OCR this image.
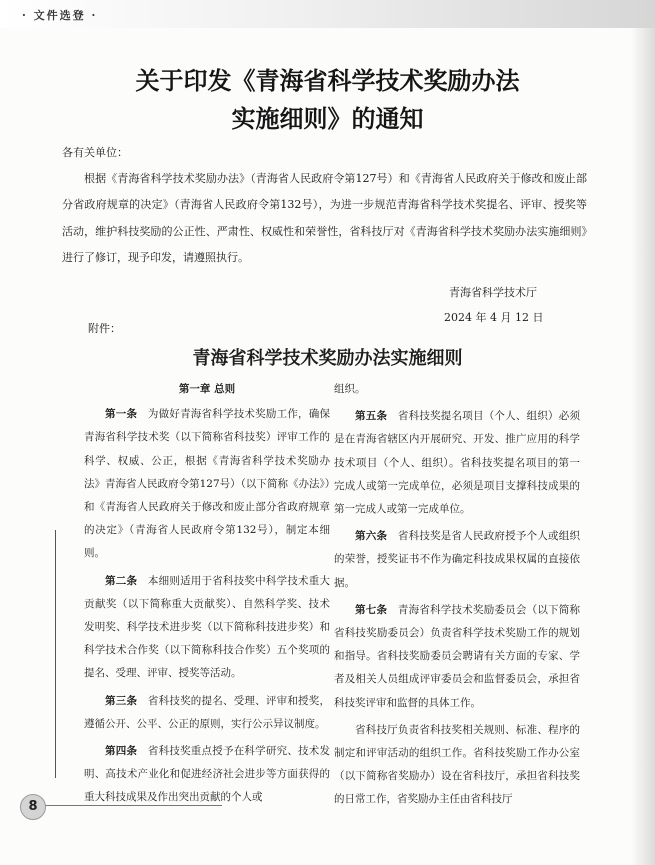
· 文件选登 ·
关于印发《青海省科学技术奖励办法
实施细则》的通知

各有关单位：

根据《青海省科学技术奖励办法》（青海省人民政府令第127号）和《青海省人民政府关于修改和废止部分省政府规章的决定》（青海省人民政府令第132号），为进一步规范青海省科学技术奖提名、评审、授奖等活动，维护科技奖励的公正性、严肃性、权威性和荣誉性，省科技厅对《青海省科学技术奖励办法实施细则》进行了修订，现予印发，请遵照执行。

青海省科学技术厅
2024 年 4 月 12 日
附件：
青海省科学技术奖励办法实施细则
第一章 总则

第一条  为做好青海省科学技术奖励工作，确保青海省科学技术奖（以下简称省科技奖）评审工作的科学、权威、公正，根据《青海省科学技术奖励办法》青海省人民政府令第127号）（以下简称《办法》）和《青海省人民政府关于修改和废止部分省政府规章的决定》（青海省人民政府令第132号），制定本细则。

第二条  本细则适用于省科技奖中科学技术重大贡献奖（以下简称重大贡献奖）、自然科学奖、技术发明奖、科学技术进步奖（以下简称科技进步奖）和科学技术合作奖（以下简称科技合作奖）五个奖项的提名、受理、评审、授奖等活动。

第三条  省科技奖的提名、受理、评审和授奖，遵循公开、公平、公正的原则，实行公示异议制度。

第四条  省科技奖重点授予在科学研究、技术发明、高技术产业化和促进经济社会进步等方面获得的重大科技成果及作出突出贡献的个人或

组织。

第五条  省科技奖提名项目（个人、组织）必须是在青海省辖区内开展研究、开发、推广应用的科学技术项目（个人、组织）。省科技奖提名项目的第一完成人或第一完成单位，必须是项目支撑科技成果的第一完成人或第一完成单位。

第六条  省科技奖是省人民政府授予个人或组织的荣誉，授奖证书不作为确定科技成果权属的直接依据。

第七条  青海省科学技术奖励委员会（以下简称省科技奖励委员会）负责省科学技术奖励工作的规划和指导。省科技奖励委员会聘请有关方面的专家、学者及相关人员组成评审委员会和监督委员会，承担省科技奖评审和监督的具体工作。

省科技厅负责省科技奖相关规则、标准、程序的制定和评审活动的组织工作。省科技奖励工作办公室（以下简称省奖励办）设在省科技厅，承担省科技奖的日常工作，省奖励办主任由省科技厅

8
